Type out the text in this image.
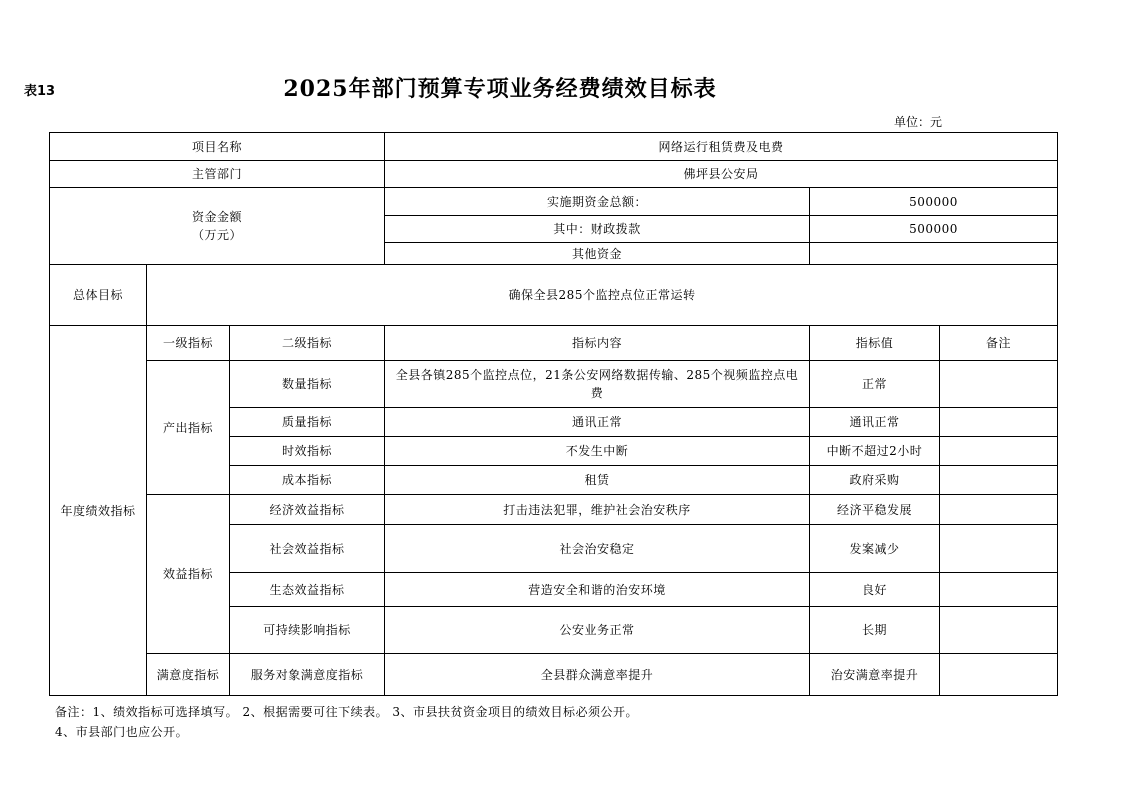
表13	2025年部门预算专项业务经费绩效目标表
单位：元
项目名称			网络运行租赁费及电费		
主管部门			佛坪县公安局		

资金金额
（万元）			实施期资金总额：	500000	
			其中：财政拨款	500000	
			其他资金		
总体目标	确保全县285个监控点位正常运转				
年度绩效指标	一级指标	二级指标	指标内容	指标值	备注
	产出指标	数量指标	全县各镇285个监控点位，21条公安网络数据传输、285个视频监控点电费	正常	
		质量指标	通讯正常	通讯正常	
		时效指标	不发生中断	中断不超过2小时	
		成本指标	租赁	政府采购	
	效益指标	经济效益指标	打击违法犯罪，维护社会治安秩序	经济平稳发展	
		社会效益指标	社会治安稳定	发案减少	
		生态效益指标	营造安全和谐的治安环境	良好	
		可持续影响指标	公安业务正常	长期	
	满意度指标	服务对象满意度指标	全县群众满意率提升	治安满意率提升	
备注：1、绩效指标可选择填写。 2、根据需要可往下续表。 3、市县扶贫资金项目的绩效目标必须公开。
4、市县部门也应公开。
